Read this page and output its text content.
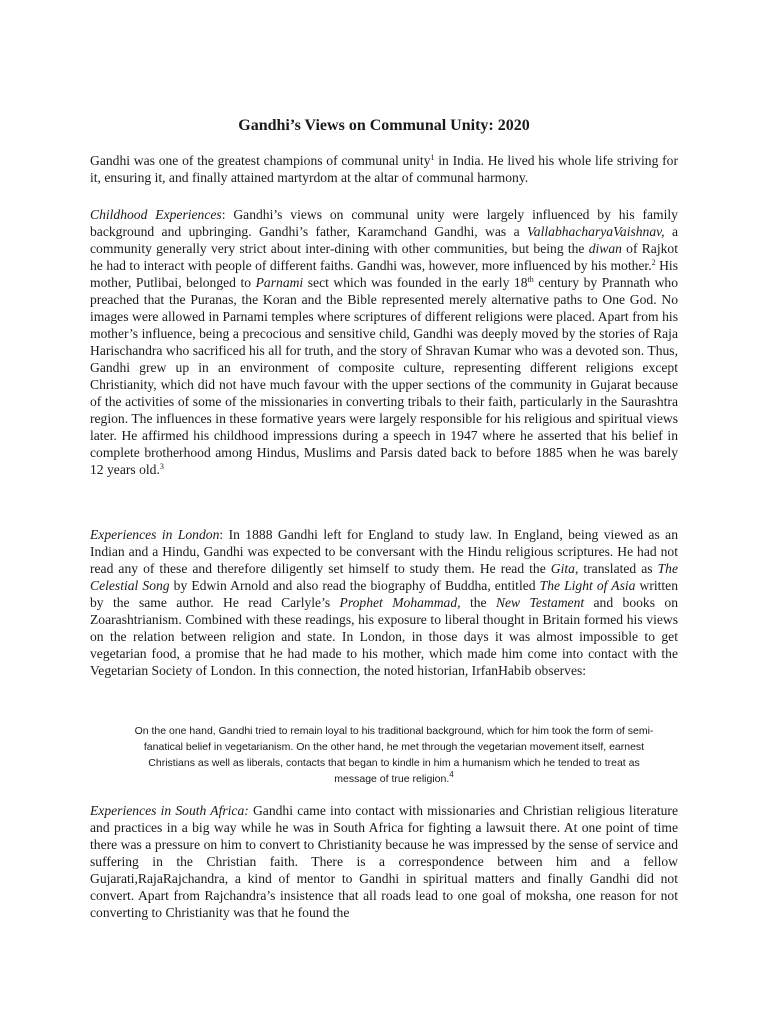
Gandhi’s Views on Communal Unity: 2020

Gandhi was one of the greatest champions of communal unity$^1$ in India. He lived his whole life striving for it, ensuring it, and finally attained martyrdom at the altar of communal harmony.

Childhood Experiences: Gandhi’s views on communal unity were largely influenced by his family background and upbringing. Gandhi’s father, Karamchand Gandhi, was a VallabhacharyaVaishnav, a community generally very strict about inter-dining with other communities, but being the diwan of Rajkot he had to interact with people of different faiths. Gandhi was, however, more influenced by his mother.$^2$ His mother, Putlibai, belonged to Parnami sect which was founded in the early 18th century by Prannath who preached that the Puranas, the Koran and the Bible represented merely alternative paths to One God. No images were allowed in Parnami temples where scriptures of different religions were placed. Apart from his mother’s influence, being a precocious and sensitive child, Gandhi was deeply moved by the stories of Raja Harischandra who sacrificed his all for truth, and the story of Shravan Kumar who was a devoted son. Thus, Gandhi grew up in an environment of composite culture, representing different religions except Christianity, which did not have much favour with the upper sections of the community in Gujarat because of the activities of some of the missionaries in converting tribals to their faith, particularly in the Saurashtra region. The influences in these formative years were largely responsible for his religious and spiritual views later. He affirmed his childhood impressions during a speech in 1947 where he asserted that his belief in complete brotherhood among Hindus, Muslims and Parsis dated back to before 1885 when he was barely 12 years old.$^3$

Experiences in London: In 1888 Gandhi left for England to study law. In England, being viewed as an Indian and a Hindu, Gandhi was expected to be conversant with the Hindu religious scriptures. He had not read any of these and therefore diligently set himself to study them. He read the Gita, translated as The Celestial Song by Edwin Arnold and also read the biography of Buddha, entitled The Light of Asia written by the same author. He read Carlyle’s Prophet Mohammad, the New Testament and books on Zoarashtrianism. Combined with these readings, his exposure to liberal thought in Britain formed his views on the relation between religion and state. In London, in those days it was almost impossible to get vegetarian food, a promise that he had made to his mother, which made him come into contact with the Vegetarian Society of London. In this connection, the noted historian, IrfanHabib observes:

On the one hand, Gandhi tried to remain loyal to his traditional background, which for him took the form of semi-fanatical belief in vegetarianism. On the other hand, he met through the vegetarian movement itself, earnest Christians as well as liberals, contacts that began to kindle in him a humanism which he tended to treat as message of true religion.$^4$

Experiences in South Africa: Gandhi came into contact with missionaries and Christian religious literature and practices in a big way while he was in South Africa for fighting a lawsuit there. At one point of time there was a pressure on him to convert to Christianity because he was impressed by the sense of service and suffering in the Christian faith. There is a correspondence between him and a fellow Gujarati,RajaRajchandra, a kind of mentor to Gandhi in spiritual matters and finally Gandhi did not convert. Apart from Rajchandra’s insistence that all roads lead to one goal of moksha, one reason for not converting to Christianity was that he found the
